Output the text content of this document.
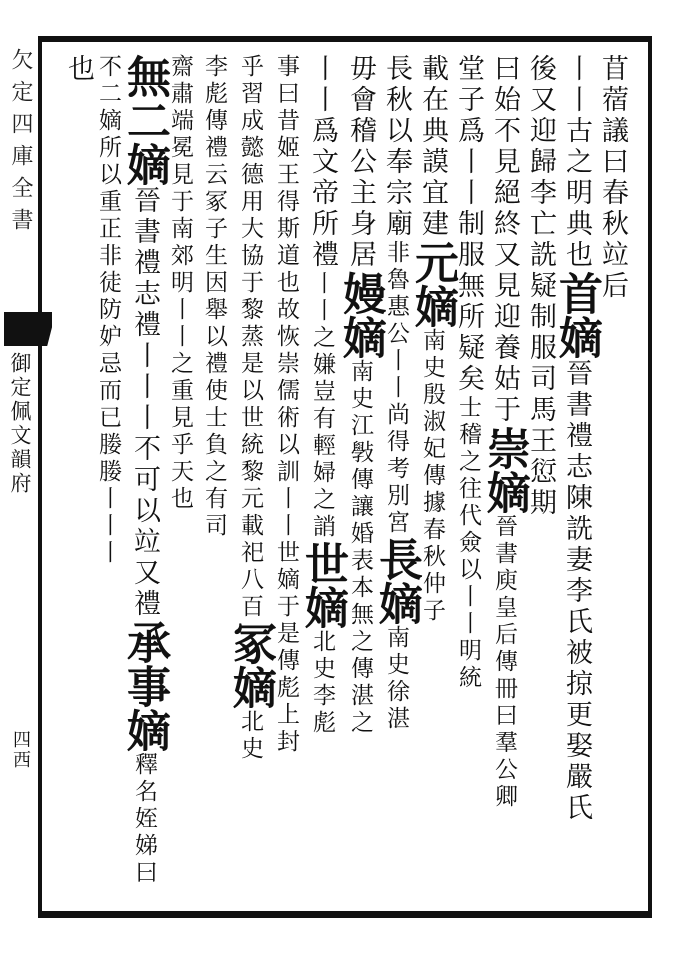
欠定四庫全書
御定佩文韻府
四西
苜蓿議曰春秋竝后
丨丨古之明典也首嫡晉書禮志陳詵妻李氏被掠更娶嚴氏
後又迎歸李亡詵疑制服司馬王愆期
曰始不見絕終又見迎養姑于崇嫡晉書庾皇后傳冊曰羣公卿
堂子爲丨丨制服無所疑矣士稽之往代僉以丨丨明統
載在典謨宜建元嫡南史殷淑妃傳據春秋仲子
長秋以奉宗廟非魯惠公丨丨尚得考別宮長嫡南史徐湛
毋會稽公主身居嫚嫡南史江斅傳讓婚表本無之傳湛之
丨丨爲文帝所禮丨丨之嫌豈有輕婦之誚世嫡北史李彪
事曰昔姬王得斯道也故恢崇儒術以訓丨丨世嫡于是傳彪上封
乎習成懿德用大協于黎蒸是以世統黎元載祀八百冢嫡北史
李彪傳禮云冢子生因舉以禮使士負之有司
齋肅端冕見于南郊明丨丨之重見乎天也
無二嫡晉書禮志禮丨丨丨不可以竝又禮承事嫡釋名姪娣曰
不二嫡所以重正非徒防妒忌而已媵媵丨丨丨
也
